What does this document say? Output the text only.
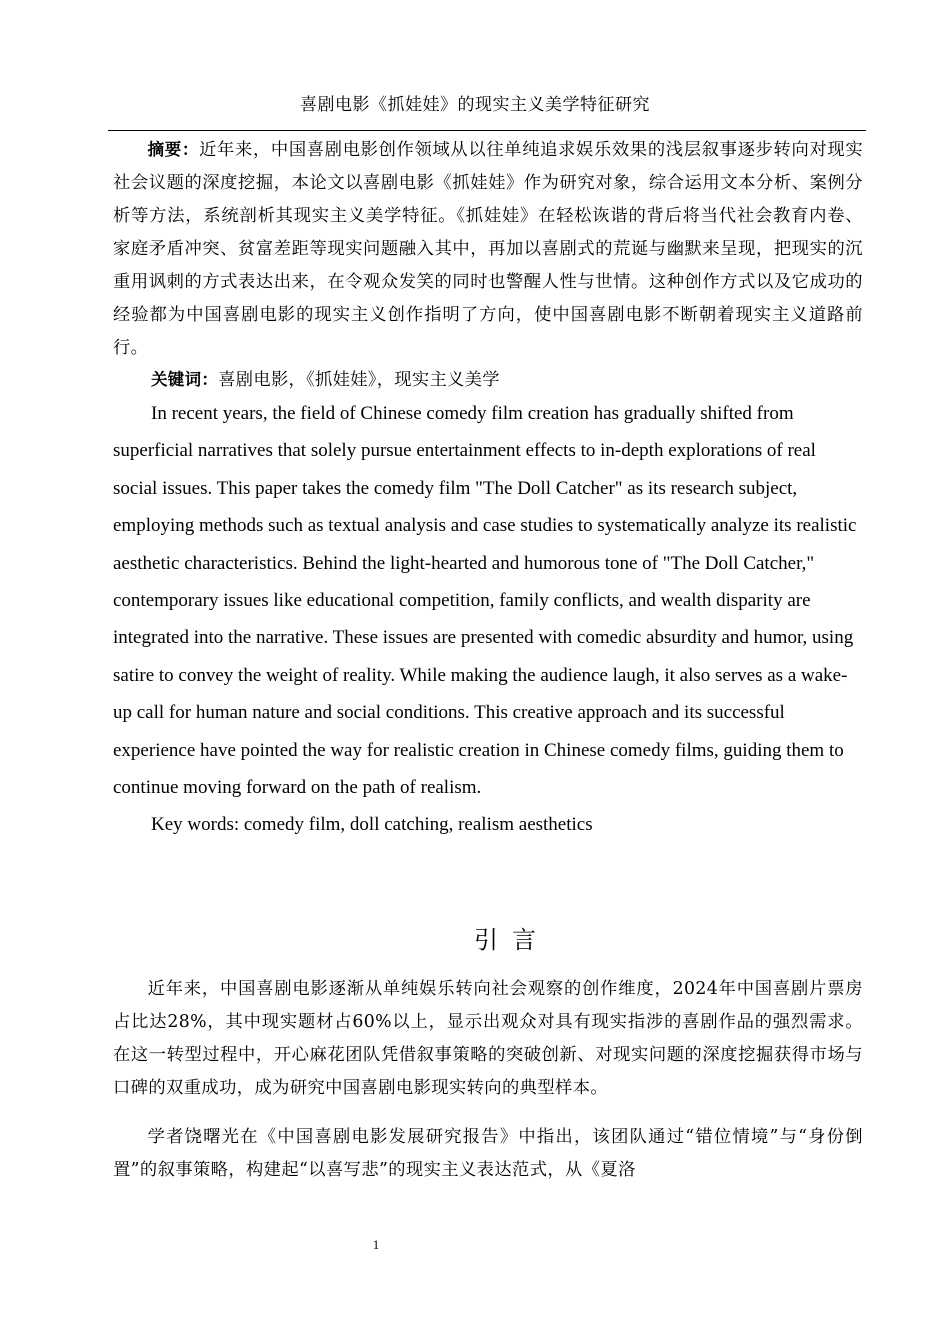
喜剧电影《抓娃娃》的现实主义美学特征研究
摘要：近年来，中国喜剧电影创作领域从以往单纯追求娱乐效果的浅层叙事逐步转向对现实社会议题的深度挖掘，本论文以喜剧电影《抓娃娃》作为研究对象，综合运用文本分析、案例分析等方法，系统剖析其现实主义美学特征。《抓娃娃》在轻松诙谐的背后将当代社会教育内卷、家庭矛盾冲突、贫富差距等现实问题融入其中，再加以喜剧式的荒诞与幽默来呈现，把现实的沉重用讽刺的方式表达出来，在令观众发笑的同时也警醒人性与世情。这种创作方式以及它成功的经验都为中国喜剧电影的现实主义创作指明了方向，使中国喜剧电影不断朝着现实主义道路前行。
关键词：喜剧电影，《抓娃娃》，现实主义美学
In recent years, the field of Chinese comedy film creation has gradually shifted from superficial narratives that solely pursue entertainment effects to in-depth explorations of real social issues. This paper takes the comedy film "The Doll Catcher" as its research subject, employing methods such as textual analysis and case studies to systematically analyze its realistic aesthetic characteristics. Behind the light-hearted and humorous tone of "The Doll Catcher," contemporary issues like educational competition, family conflicts, and wealth disparity are integrated into the narrative. These issues are presented with comedic absurdity and humor, using satire to convey the weight of reality. While making the audience laugh, it also serves as a wake-up call for human nature and social conditions. This creative approach and its successful experience have pointed the way for realistic creation in Chinese comedy films, guiding them to continue moving forward on the path of realism.
Key words: comedy film, doll catching, realism aesthetics
引言
近年来，中国喜剧电影逐渐从单纯娱乐转向社会观察的创作维度，2024年中国喜剧片票房占比达28%，其中现实题材占60%以上，显示出观众对具有现实指涉的喜剧作品的强烈需求。在这一转型过程中，开心麻花团队凭借叙事策略的突破创新、对现实问题的深度挖掘获得市场与口碑的双重成功，成为研究中国喜剧电影现实转向的典型样本。
学者饶曙光在《中国喜剧电影发展研究报告》中指出，该团队通过“错位情境”与“身份倒置”的叙事策略，构建起“以喜写悲”的现实主义表达范式，从《夏洛
1
